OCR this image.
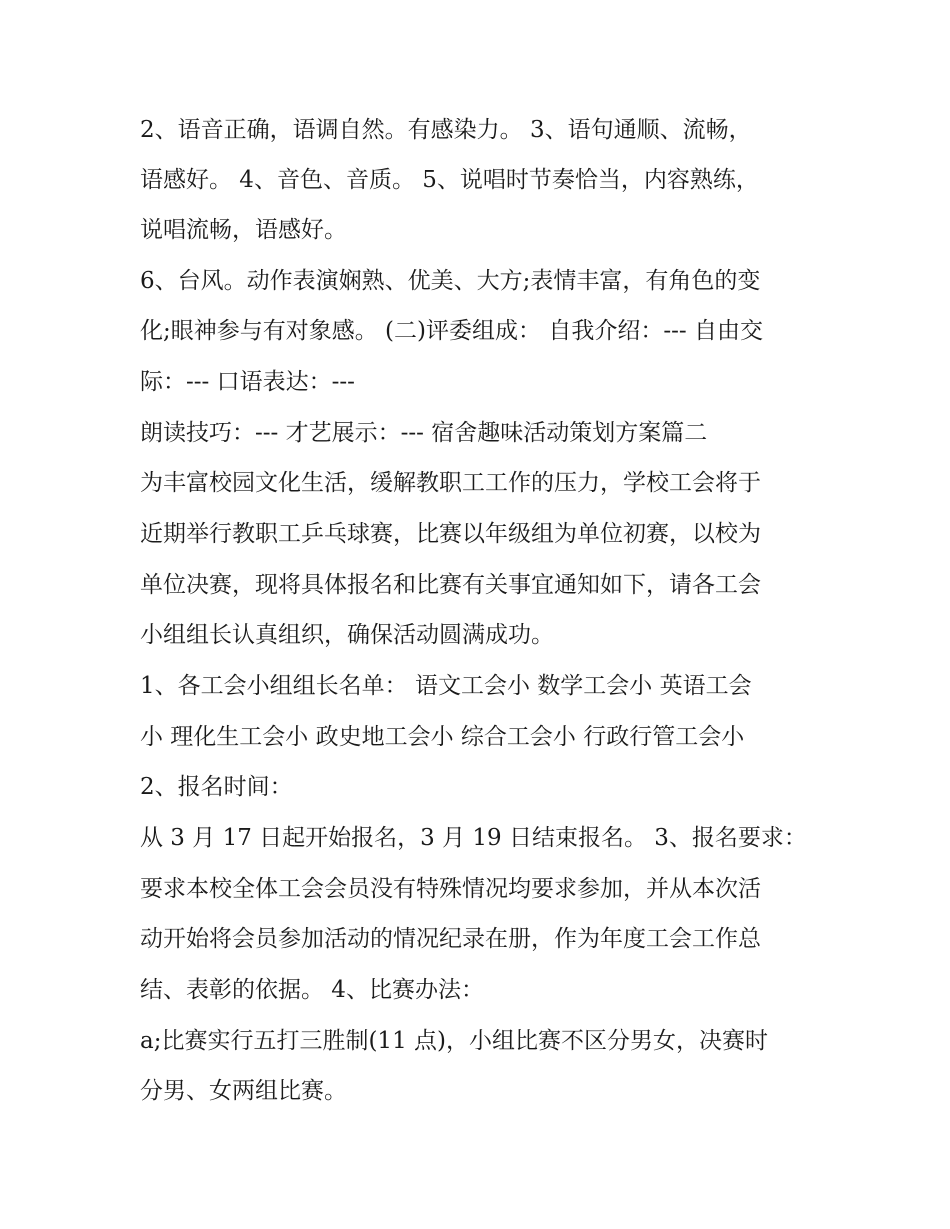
2、语音正确，语调自然。有感染力。 3、语句通顺、流畅，

语感好。 4、音色、音质。 5、说唱时节奏恰当，内容熟练，

说唱流畅，语感好。

6、台风。动作表演娴熟、优美、大方;表情丰富，有角色的变

化;眼神参与有对象感。 (二)评委组成： 自我介绍：--- 自由交

际：--- 口语表达：---

朗读技巧：--- 才艺展示：--- 宿舍趣味活动策划方案篇二

为丰富校园文化生活，缓解教职工工作的压力，学校工会将于

近期举行教职工乒乓球赛，比赛以年级组为单位初赛，以校为

单位决赛，现将具体报名和比赛有关事宜通知如下，请各工会

小组组长认真组织，确保活动圆满成功。

1、各工会小组组长名单： 语文工会小 数学工会小 英语工会

小 理化生工会小 政史地工会小 综合工会小 行政行管工会小

2、报名时间：

从 3 月 17 日起开始报名，3 月 19 日结束报名。 3、报名要求：

要求本校全体工会会员没有特殊情况均要求参加，并从本次活

动开始将会员参加活动的情况纪录在册，作为年度工会工作总

结、表彰的依据。 4、比赛办法：

a;比赛实行五打三胜制(11 点)，小组比赛不区分男女，决赛时

分男、女两组比赛。
